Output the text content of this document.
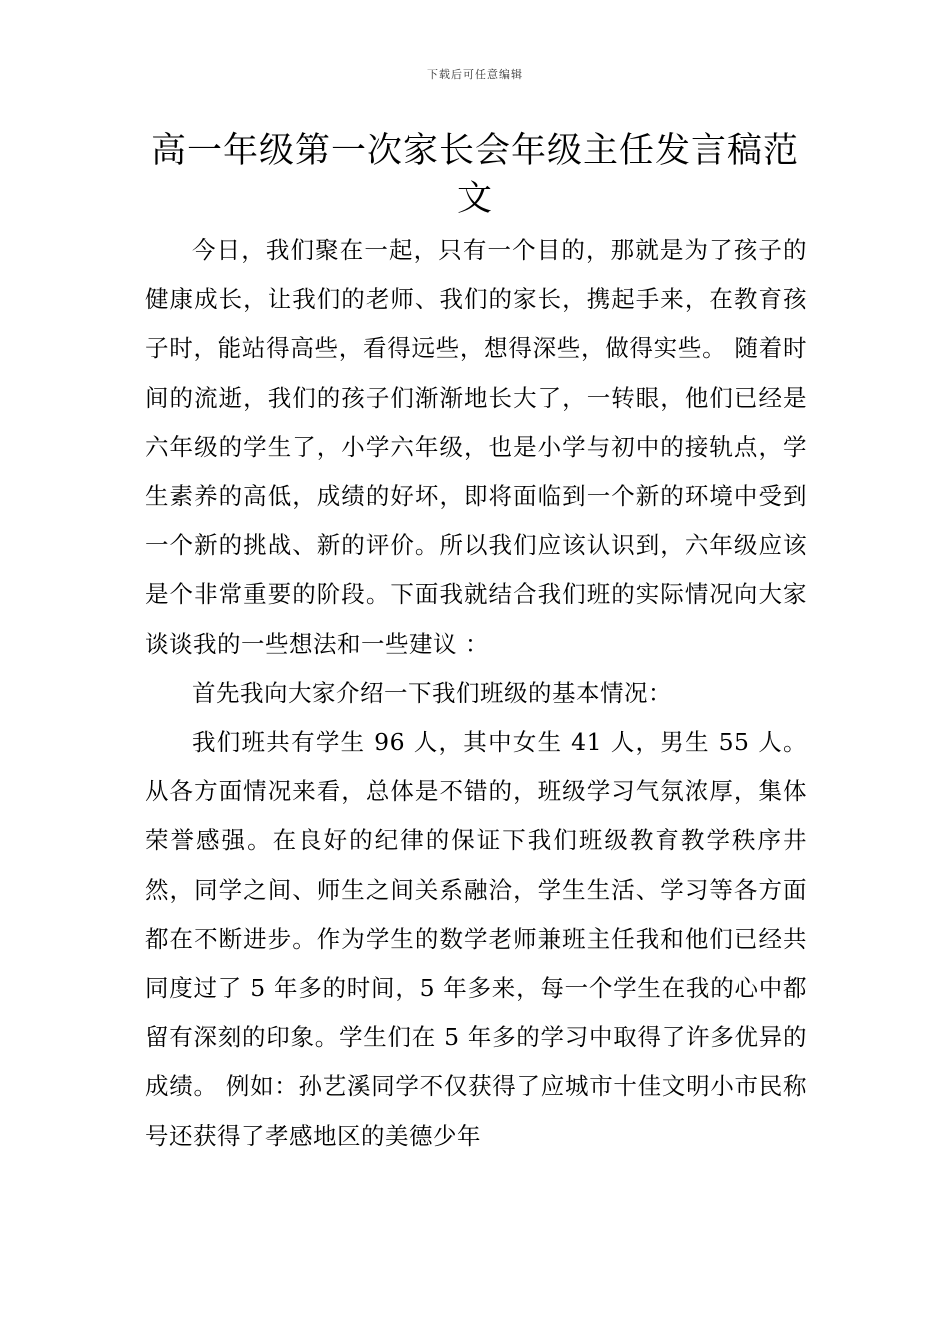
下载后可任意编辑
高一年级第一次家长会年级主任发言稿范文

今日，我们聚在一起，只有一个目的，那就是为了孩子的健康成长，让我们的老师、我们的家长，携起手来，在教育孩子时，能站得高些，看得远些，想得深些，做得实些。 随着时间的流逝，我们的孩子们渐渐地长大了，一转眼，他们已经是六年级的学生了，小学六年级，也是小学与初中的接轨点，学生素养的高低，成绩的好坏，即将面临到一个新的环境中受到一个新的挑战、新的评价。所以我们应该认识到，六年级应该是个非常重要的阶段。下面我就结合我们班的实际情况向大家谈谈我的一些想法和一些建议 ：

首先我向大家介绍一下我们班级的基本情况：

我们班共有学生 96 人，其中女生 41 人，男生 55 人。从各方面情况来看，总体是不错的，班级学习气氛浓厚，集体荣誉感强。在良好的纪律的保证下我们班级教育教学秩序井然，同学之间、师生之间关系融洽，学生生活、学习等各方面都在不断进步。作为学生的数学老师兼班主任我和他们已经共同度过了 5 年多的时间，5 年多来，每一个学生在我的心中都留有深刻的印象。学生们在 5 年多的学习中取得了许多优异的成绩。 例如：孙艺溪同学不仅获得了应城市十佳文明小市民称号还获得了孝感地区的美德少年
